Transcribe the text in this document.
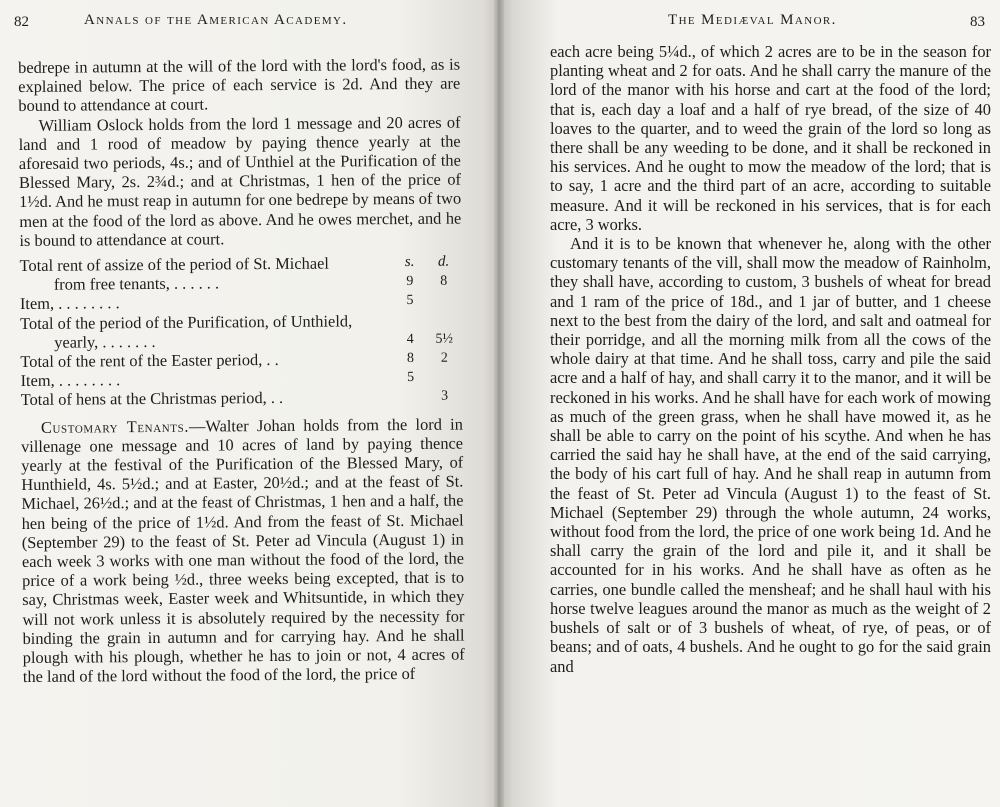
82	Annals of the American Academy.

bedrepe in autumn at the will of the lord with the lord's food, as is explained below. The price of each service is 2d. And they are bound to attendance at court.

William Oslock holds from the lord 1 message and 20 acres of land and 1 rood of meadow by paying thence yearly at the aforesaid two periods, 4s.; and of Unthiel at the Purification of the Blessed Mary, 2s. 2¾d.; and at Christmas, 1 hen of the price of 1½d. And he must reap in autumn for one bedrepe by means of two men at the food of the lord as above. And he owes merchet, and he is bound to attendance at court.

Total rent of assize of the period of St. Michael	s.	d.
from free tenants, . . . . . .	9	8
Item, . . . . . . . .	5	
Total of the period of the Purification, of Unthield,		
yearly, . . . . . . .	4	5½
Total of the rent of the Easter period, . .	8	2
Item, . . . . . . . .	5	
Total of hens at the Christmas period, . .		3

Customary Tenants.—Walter Johan holds from the lord in villenage one message and 10 acres of land by paying thence yearly at the festival of the Purification of the Blessed Mary, of Hunthield, 4s. 5½d.; and at Easter, 20½d.; and at the feast of St. Michael, 26½d.; and at the feast of Christmas, 1 hen and a half, the hen being of the price of 1½d. And from the feast of St. Michael (September 29) to the feast of St. Peter ad Vincula (August 1) in each week 3 works with one man without the food of the lord, the price of a work being ½d., three weeks being excepted, that is to say, Christmas week, Easter week and Whitsuntide, in which they will not work unless it is absolutely required by the necessity for binding the grain in autumn and for carrying hay. And he shall plough with his plough, whether he has to join or not, 4 acres of the land of the lord without the food of the lord, the price of

The Mediæval Manor.	83

each acre being 5¼d., of which 2 acres are to be in the season for planting wheat and 2 for oats. And he shall carry the manure of the lord of the manor with his horse and cart at the food of the lord; that is, each day a loaf and a half of rye bread, of the size of 40 loaves to the quarter, and to weed the grain of the lord so long as there shall be any weeding to be done, and it shall be reckoned in his services. And he ought to mow the meadow of the lord; that is to say, 1 acre and the third part of an acre, according to suitable measure. And it will be reckoned in his services, that is for each acre, 3 works.

And it is to be known that whenever he, along with the other customary tenants of the vill, shall mow the meadow of Rainholm, they shall have, according to custom, 3 bushels of wheat for bread and 1 ram of the price of 18d., and 1 jar of butter, and 1 cheese next to the best from the dairy of the lord, and salt and oatmeal for their porridge, and all the morning milk from all the cows of the whole dairy at that time. And he shall toss, carry and pile the said acre and a half of hay, and shall carry it to the manor, and it will be reckoned in his works. And he shall have for each work of mowing as much of the green grass, when he shall have mowed it, as he shall be able to carry on the point of his scythe. And when he has carried the said hay he shall have, at the end of the said carrying, the body of his cart full of hay. And he shall reap in autumn from the feast of St. Peter ad Vincula (August 1) to the feast of St. Michael (September 29) through the whole autumn, 24 works, without food from the lord, the price of one work being 1d. And he shall carry the grain of the lord and pile it, and it shall be accounted for in his works. And he shall have as often as he carries, one bundle called the mensheaf; and he shall haul with his horse twelve leagues around the manor as much as the weight of 2 bushels of salt or of 3 bushels of wheat, of rye, of peas, or of beans; and of oats, 4 bushels. And he ought to go for the said grain and
